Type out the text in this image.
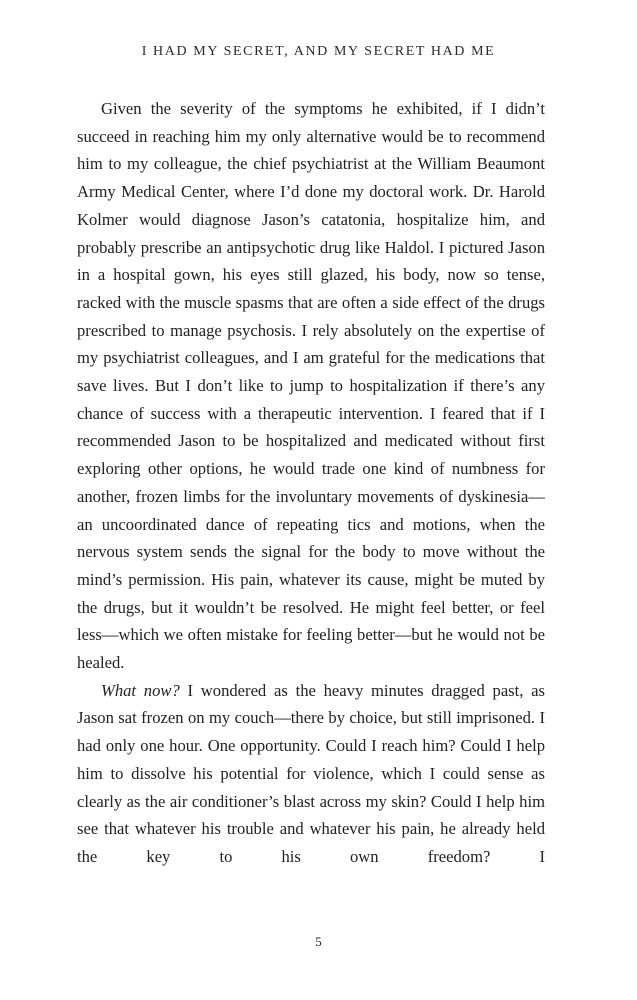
I HAD MY SECRET, AND MY SECRET HAD ME

Given the severity of the symptoms he exhibited, if I didn’t succeed in reaching him my only alternative would be to recommend him to my colleague, the chief psychiatrist at the William Beaumont Army Medical Center, where I’d done my doctoral work. Dr. Harold Kolmer would diagnose Jason’s catatonia, hospitalize him, and probably prescribe an antipsychotic drug like Haldol. I pictured Jason in a hospital gown, his eyes still glazed, his body, now so tense, racked with the muscle spasms that are often a side effect of the drugs prescribed to manage psychosis. I rely absolutely on the expertise of my psychiatrist colleagues, and I am grateful for the medications that save lives. But I don’t like to jump to hospitalization if there’s any chance of success with a therapeutic intervention. I feared that if I recommended Jason to be hospitalized and medicated without first exploring other options, he would trade one kind of numbness for another, frozen limbs for the involuntary movements of dyskinesia—an uncoordinated dance of repeating tics and motions, when the nervous system sends the signal for the body to move without the mind’s permission. His pain, whatever its cause, might be muted by the drugs, but it wouldn’t be resolved. He might feel better, or feel less—which we often mistake for feeling better—but he would not be healed.

What now? I wondered as the heavy minutes dragged past, as Jason sat frozen on my couch—there by choice, but still imprisoned. I had only one hour. One opportunity. Could I reach him? Could I help him to dissolve his potential for violence, which I could sense as clearly as the air conditioner’s blast across my skin? Could I help him see that whatever his trouble and whatever his pain, he already held the key to his own freedom? I

5
